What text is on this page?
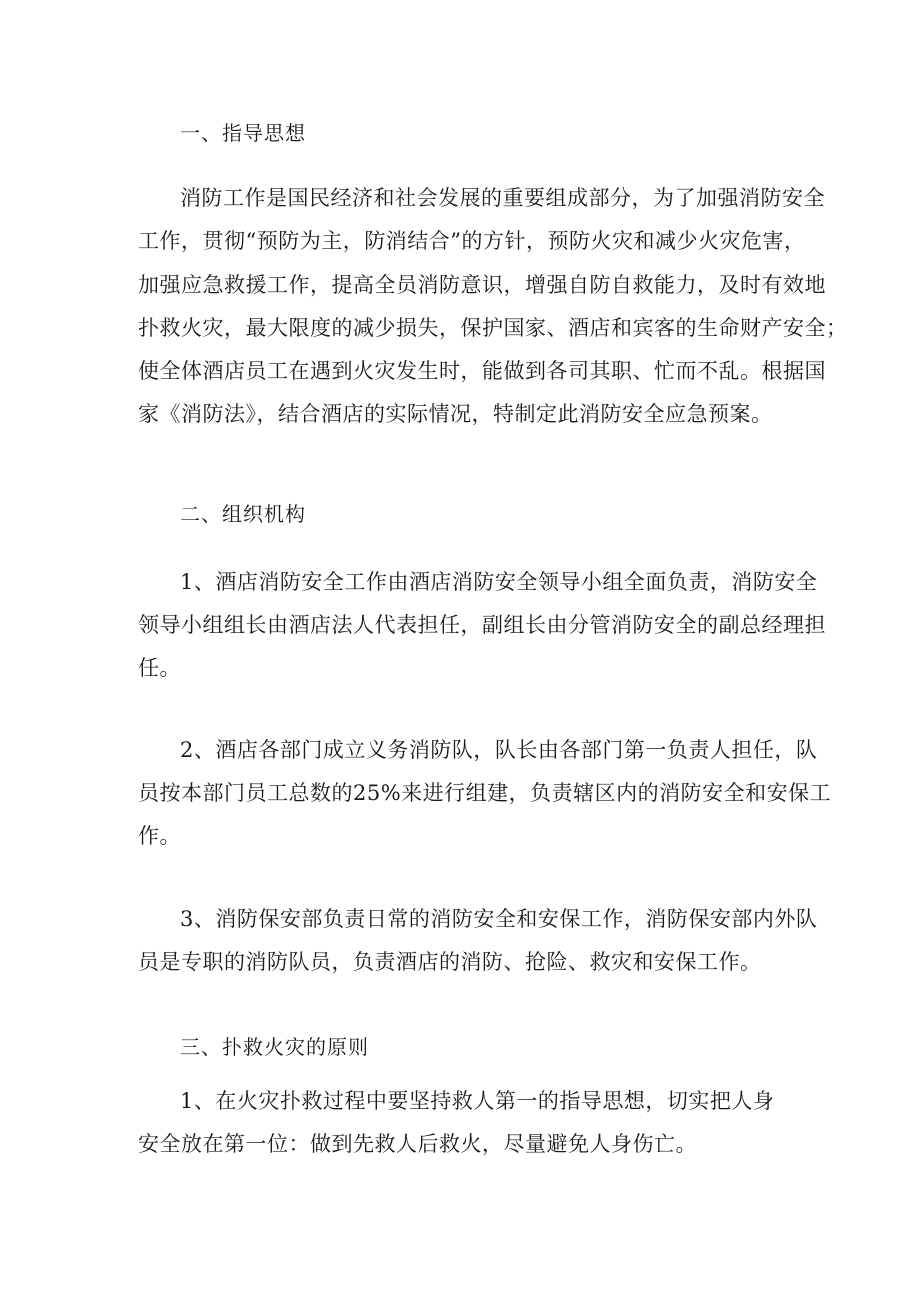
一、指导思想

消防工作是国民经济和社会发展的重要组成部分，为了加强消防安全

工作，贯彻“预防为主，防消结合”的方针，预防火灾和减少火灾危害，

加强应急救援工作，提高全员消防意识，增强自防自救能力，及时有效地

扑救火灾，最大限度的减少损失，保护国家、酒店和宾客的生命财产安全；

使全体酒店员工在遇到火灾发生时，能做到各司其职、忙而不乱。根据国

家《消防法》，结合酒店的实际情况，特制定此消防安全应急预案。

二、组织机构

1、酒店消防安全工作由酒店消防安全领导小组全面负责，消防安全

领导小组组长由酒店法人代表担任，副组长由分管消防安全的副总经理担

任。

2、酒店各部门成立义务消防队，队长由各部门第一负责人担任，队

员按本部门员工总数的25%来进行组建，负责辖区内的消防安全和安保工

作。

3、消防保安部负责日常的消防安全和安保工作，消防保安部内外队

员是专职的消防队员，负责酒店的消防、抢险、救灾和安保工作。

三、扑救火灾的原则

1、在火灾扑救过程中要坚持救人第一的指导思想，切实把人身

安全放在第一位：做到先救人后救火，尽量避免人身伤亡。
